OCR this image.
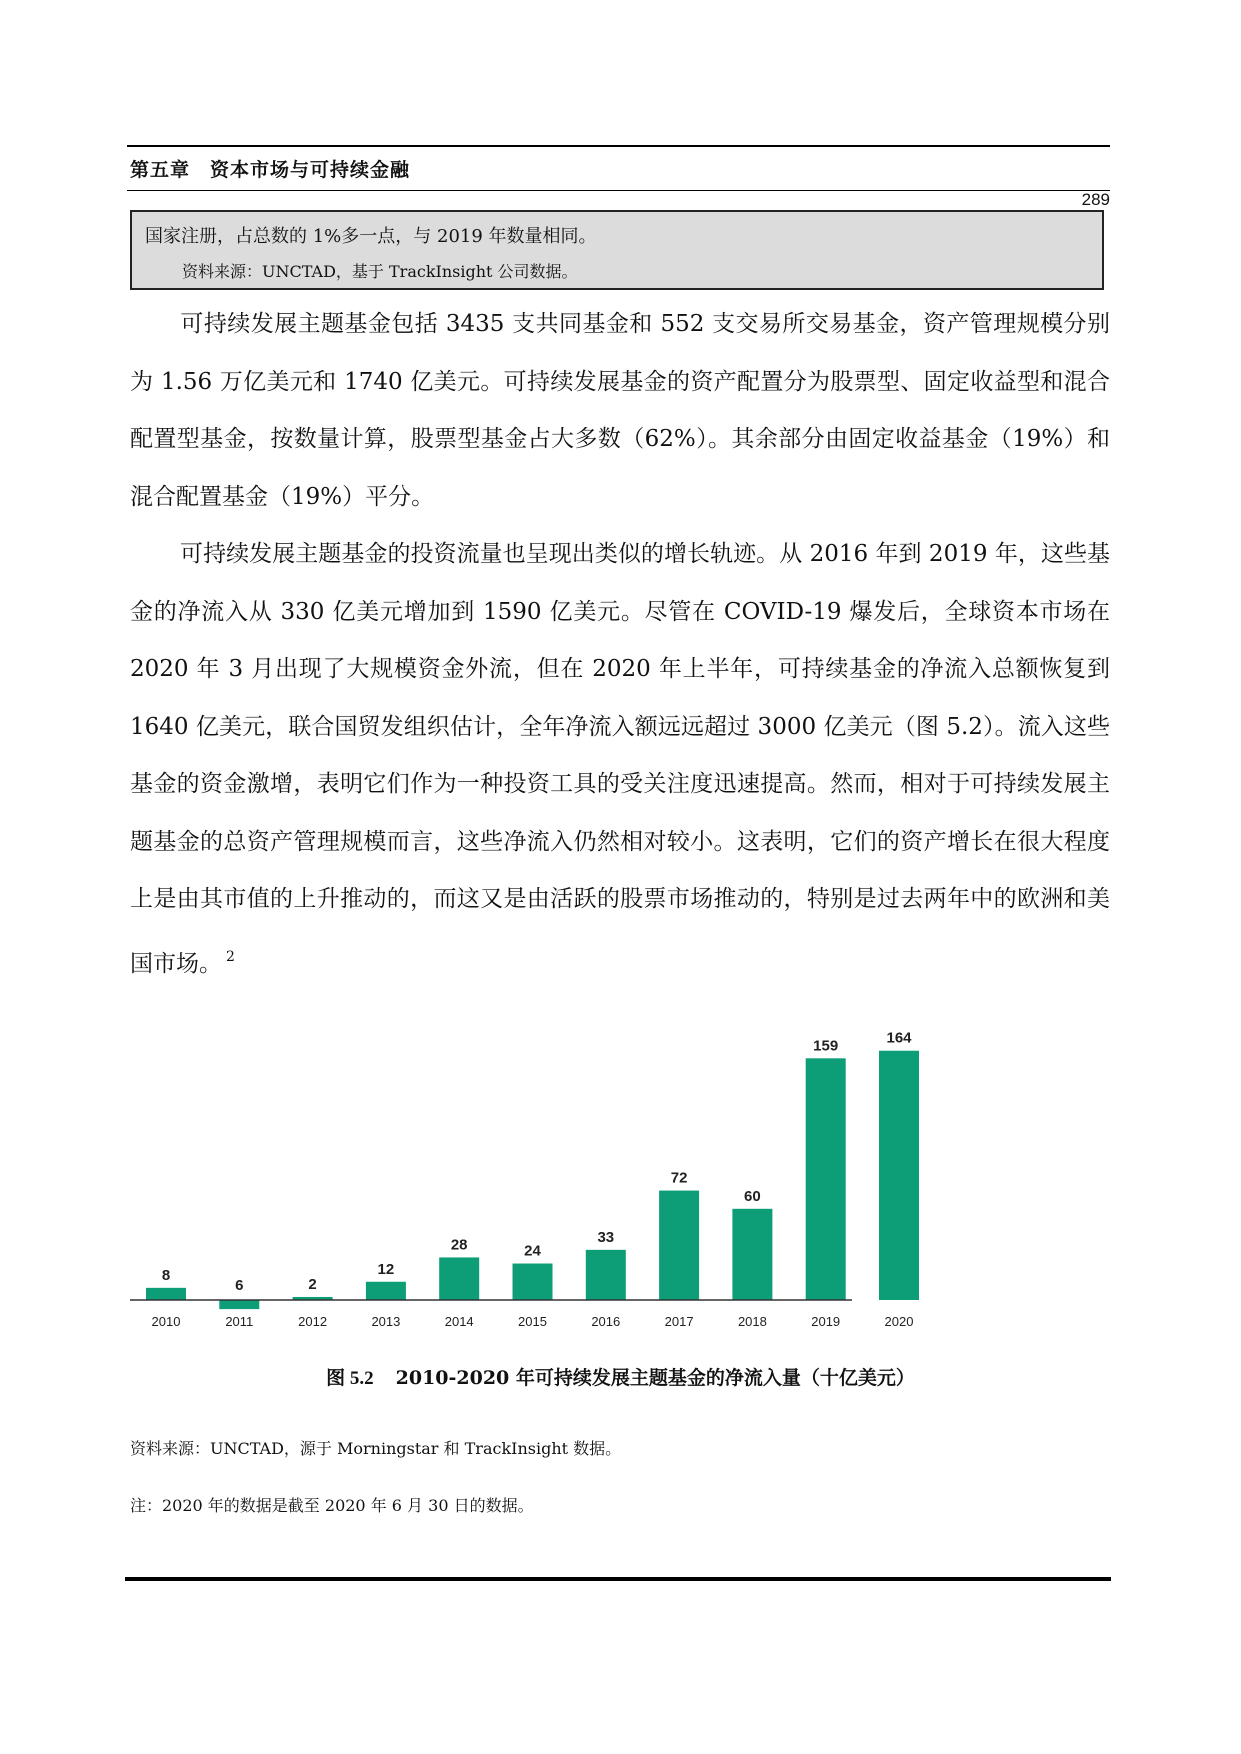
第五章　资本市场与可持续金融
289
国家注册，占总数的 1%多一点，与 2019 年数量相同。
资料来源：UNCTAD，基于 TrackInsight 公司数据。
可持续发展主题基金包括 3435 支共同基金和 552 支交易所交易基金，资产管理规模分别为 1.56 万亿美元和 1740 亿美元。可持续发展基金的资产配置分为股票型、固定收益型和混合配置型基金，按数量计算，股票型基金占大多数（62%）。其余部分由固定收益基金（19%）和混合配置基金（19%）平分。
可持续发展主题基金的投资流量也呈现出类似的增长轨迹。从 2016 年到 2019 年，这些基金的净流入从 330 亿美元增加到 1590 亿美元。尽管在 COVID-19 爆发后，全球资本市场在 2020 年 3 月出现了大规模资金外流，但在 2020 年上半年，可持续基金的净流入总额恢复到 1640 亿美元，联合国贸发组织估计，全年净流入额远远超过 3000 亿美元（图 5.2）。流入这些基金的资金激增，表明它们作为一种投资工具的受关注度迅速提高。然而，相对于可持续发展主题基金的总资产管理规模而言，这些净流入仍然相对较小。这表明，它们的资产增长在很大程度上是由其市值的上升推动的，而这又是由活跃的股票市场推动的，特别是过去两年中的欧洲和美国市场。 $^2$
8
2010
6
2011
2
2012
12
2013
28
2014
24
2015
33
2016
72
2017
60
2018
159
2019
164
2020
图 5.2 2010-2020 年可持续发展主题基金的净流入量（十亿美元）
资料来源：UNCTAD，源于 Morningstar 和 TrackInsight 数据。
注：2020 年的数据是截至 2020 年 6 月 30 日的数据。
